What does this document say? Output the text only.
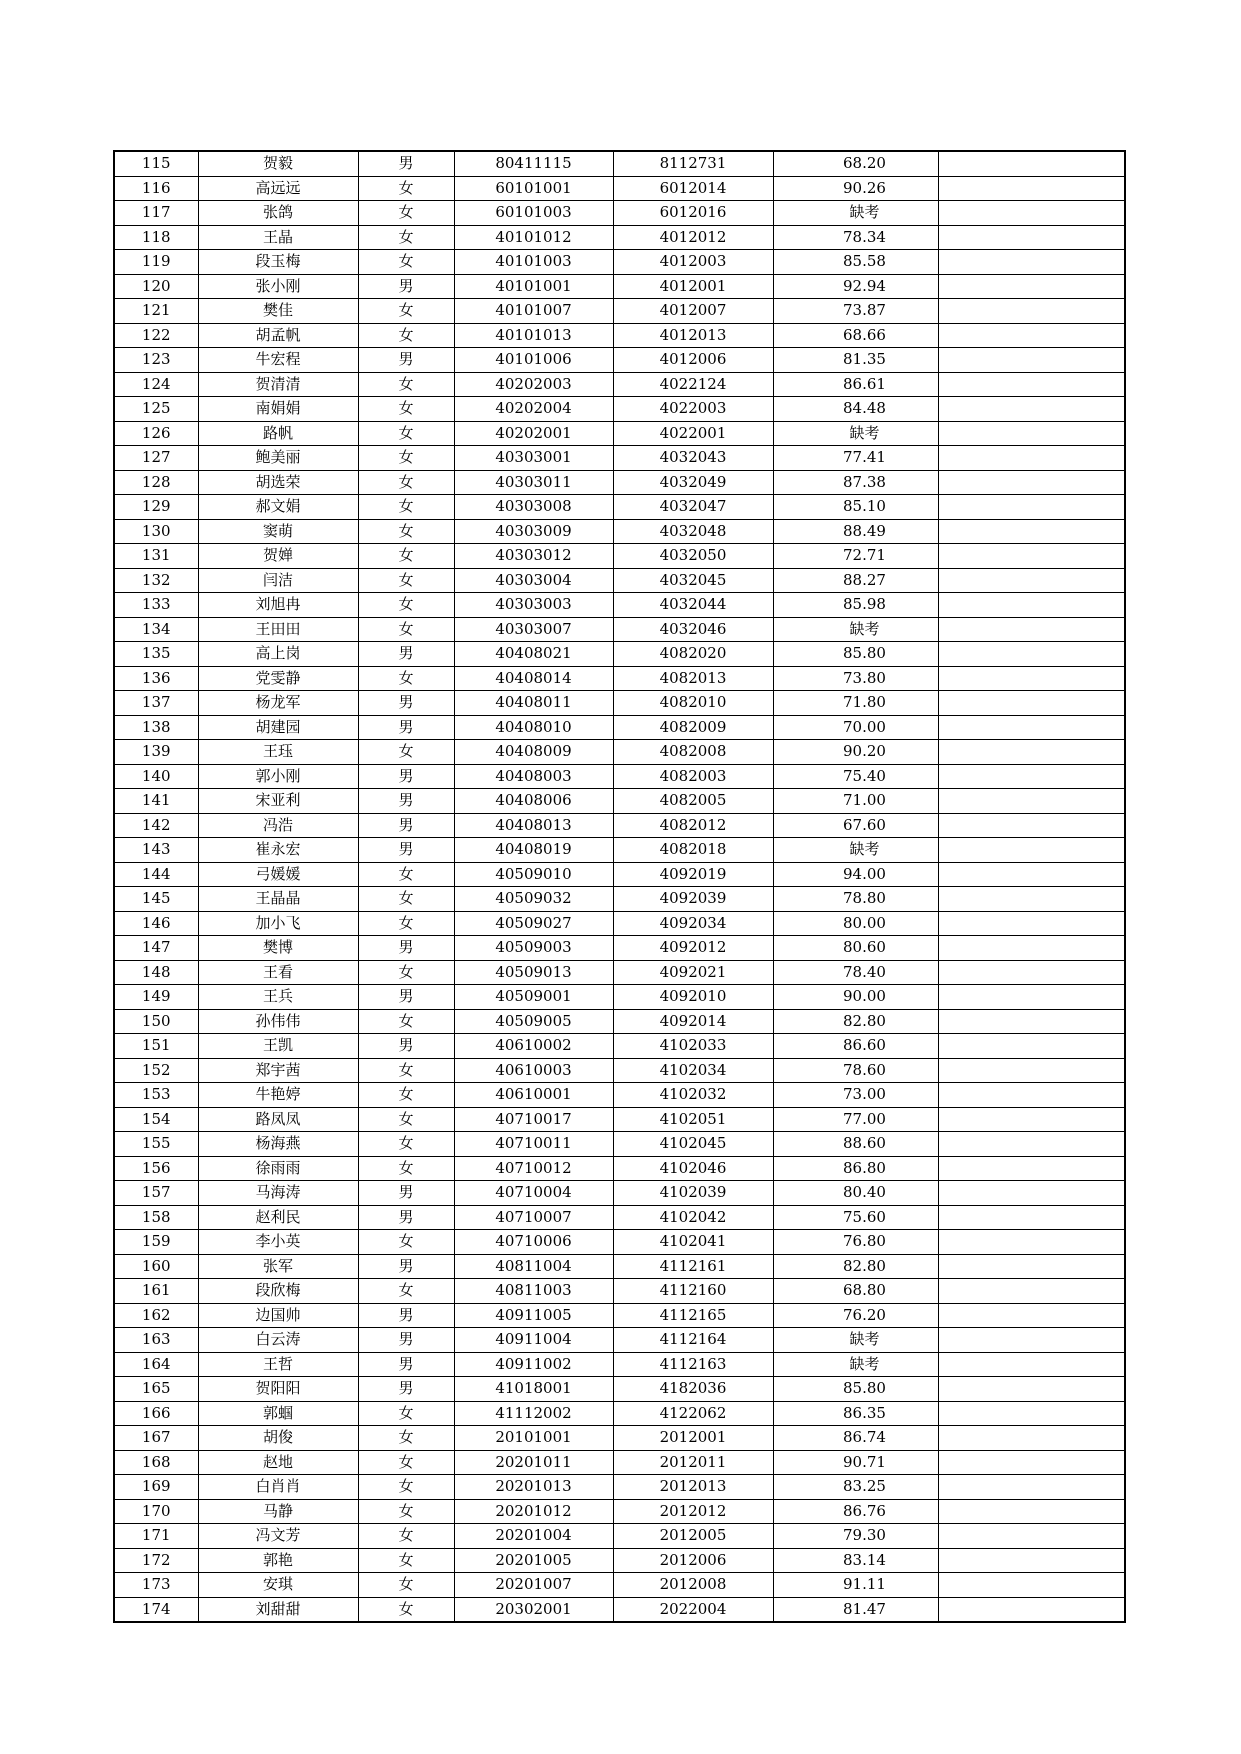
115	贺毅	男	80411115	8112731	68.20	
116	高远远	女	60101001	6012014	90.26	
117	张鸽	女	60101003	6012016	缺考	
118	王晶	女	40101012	4012012	78.34	
119	段玉梅	女	40101003	4012003	85.58	
120	张小刚	男	40101001	4012001	92.94	
121	樊佳	女	40101007	4012007	73.87	
122	胡孟帆	女	40101013	4012013	68.66	
123	牛宏程	男	40101006	4012006	81.35	
124	贺清清	女	40202003	4022124	86.61	
125	南娟娟	女	40202004	4022003	84.48	
126	路帆	女	40202001	4022001	缺考	
127	鲍美丽	女	40303001	4032043	77.41	
128	胡选荣	女	40303011	4032049	87.38	
129	郝文娟	女	40303008	4032047	85.10	
130	窦萌	女	40303009	4032048	88.49	
131	贺婵	女	40303012	4032050	72.71	
132	闫洁	女	40303004	4032045	88.27	
133	刘旭冉	女	40303003	4032044	85.98	
134	王田田	女	40303007	4032046	缺考	
135	高上岗	男	40408021	4082020	85.80	
136	党雯静	女	40408014	4082013	73.80	
137	杨龙军	男	40408011	4082010	71.80	
138	胡建园	男	40408010	4082009	70.00	
139	王珏	女	40408009	4082008	90.20	
140	郭小刚	男	40408003	4082003	75.40	
141	宋亚利	男	40408006	4082005	71.00	
142	冯浩	男	40408013	4082012	67.60	
143	崔永宏	男	40408019	4082018	缺考	
144	弓媛媛	女	40509010	4092019	94.00	
145	王晶晶	女	40509032	4092039	78.80	
146	加小飞	女	40509027	4092034	80.00	
147	樊博	男	40509003	4092012	80.60	
148	王看	女	40509013	4092021	78.40	
149	王兵	男	40509001	4092010	90.00	
150	孙伟伟	女	40509005	4092014	82.80	
151	王凯	男	40610002	4102033	86.60	
152	郑宇茜	女	40610003	4102034	78.60	
153	牛艳婷	女	40610001	4102032	73.00	
154	路凤凤	女	40710017	4102051	77.00	
155	杨海燕	女	40710011	4102045	88.60	
156	徐雨雨	女	40710012	4102046	86.80	
157	马海涛	男	40710004	4102039	80.40	
158	赵利民	男	40710007	4102042	75.60	
159	李小英	女	40710006	4102041	76.80	
160	张军	男	40811004	4112161	82.80	
161	段欣梅	女	40811003	4112160	68.80	
162	边国帅	男	40911005	4112165	76.20	
163	白云涛	男	40911004	4112164	缺考	
164	王哲	男	40911002	4112163	缺考	
165	贺阳阳	男	41018001	4182036	85.80	
166	郭蝈	女	41112002	4122062	86.35	
167	胡俊	女	20101001	2012001	86.74	
168	赵地	女	20201011	2012011	90.71	
169	白肖肖	女	20201013	2012013	83.25	
170	马静	女	20201012	2012012	86.76	
171	冯文芳	女	20201004	2012005	79.30	
172	郭艳	女	20201005	2012006	83.14	
173	安琪	女	20201007	2012008	91.11	
174	刘甜甜	女	20302001	2022004	81.47	
